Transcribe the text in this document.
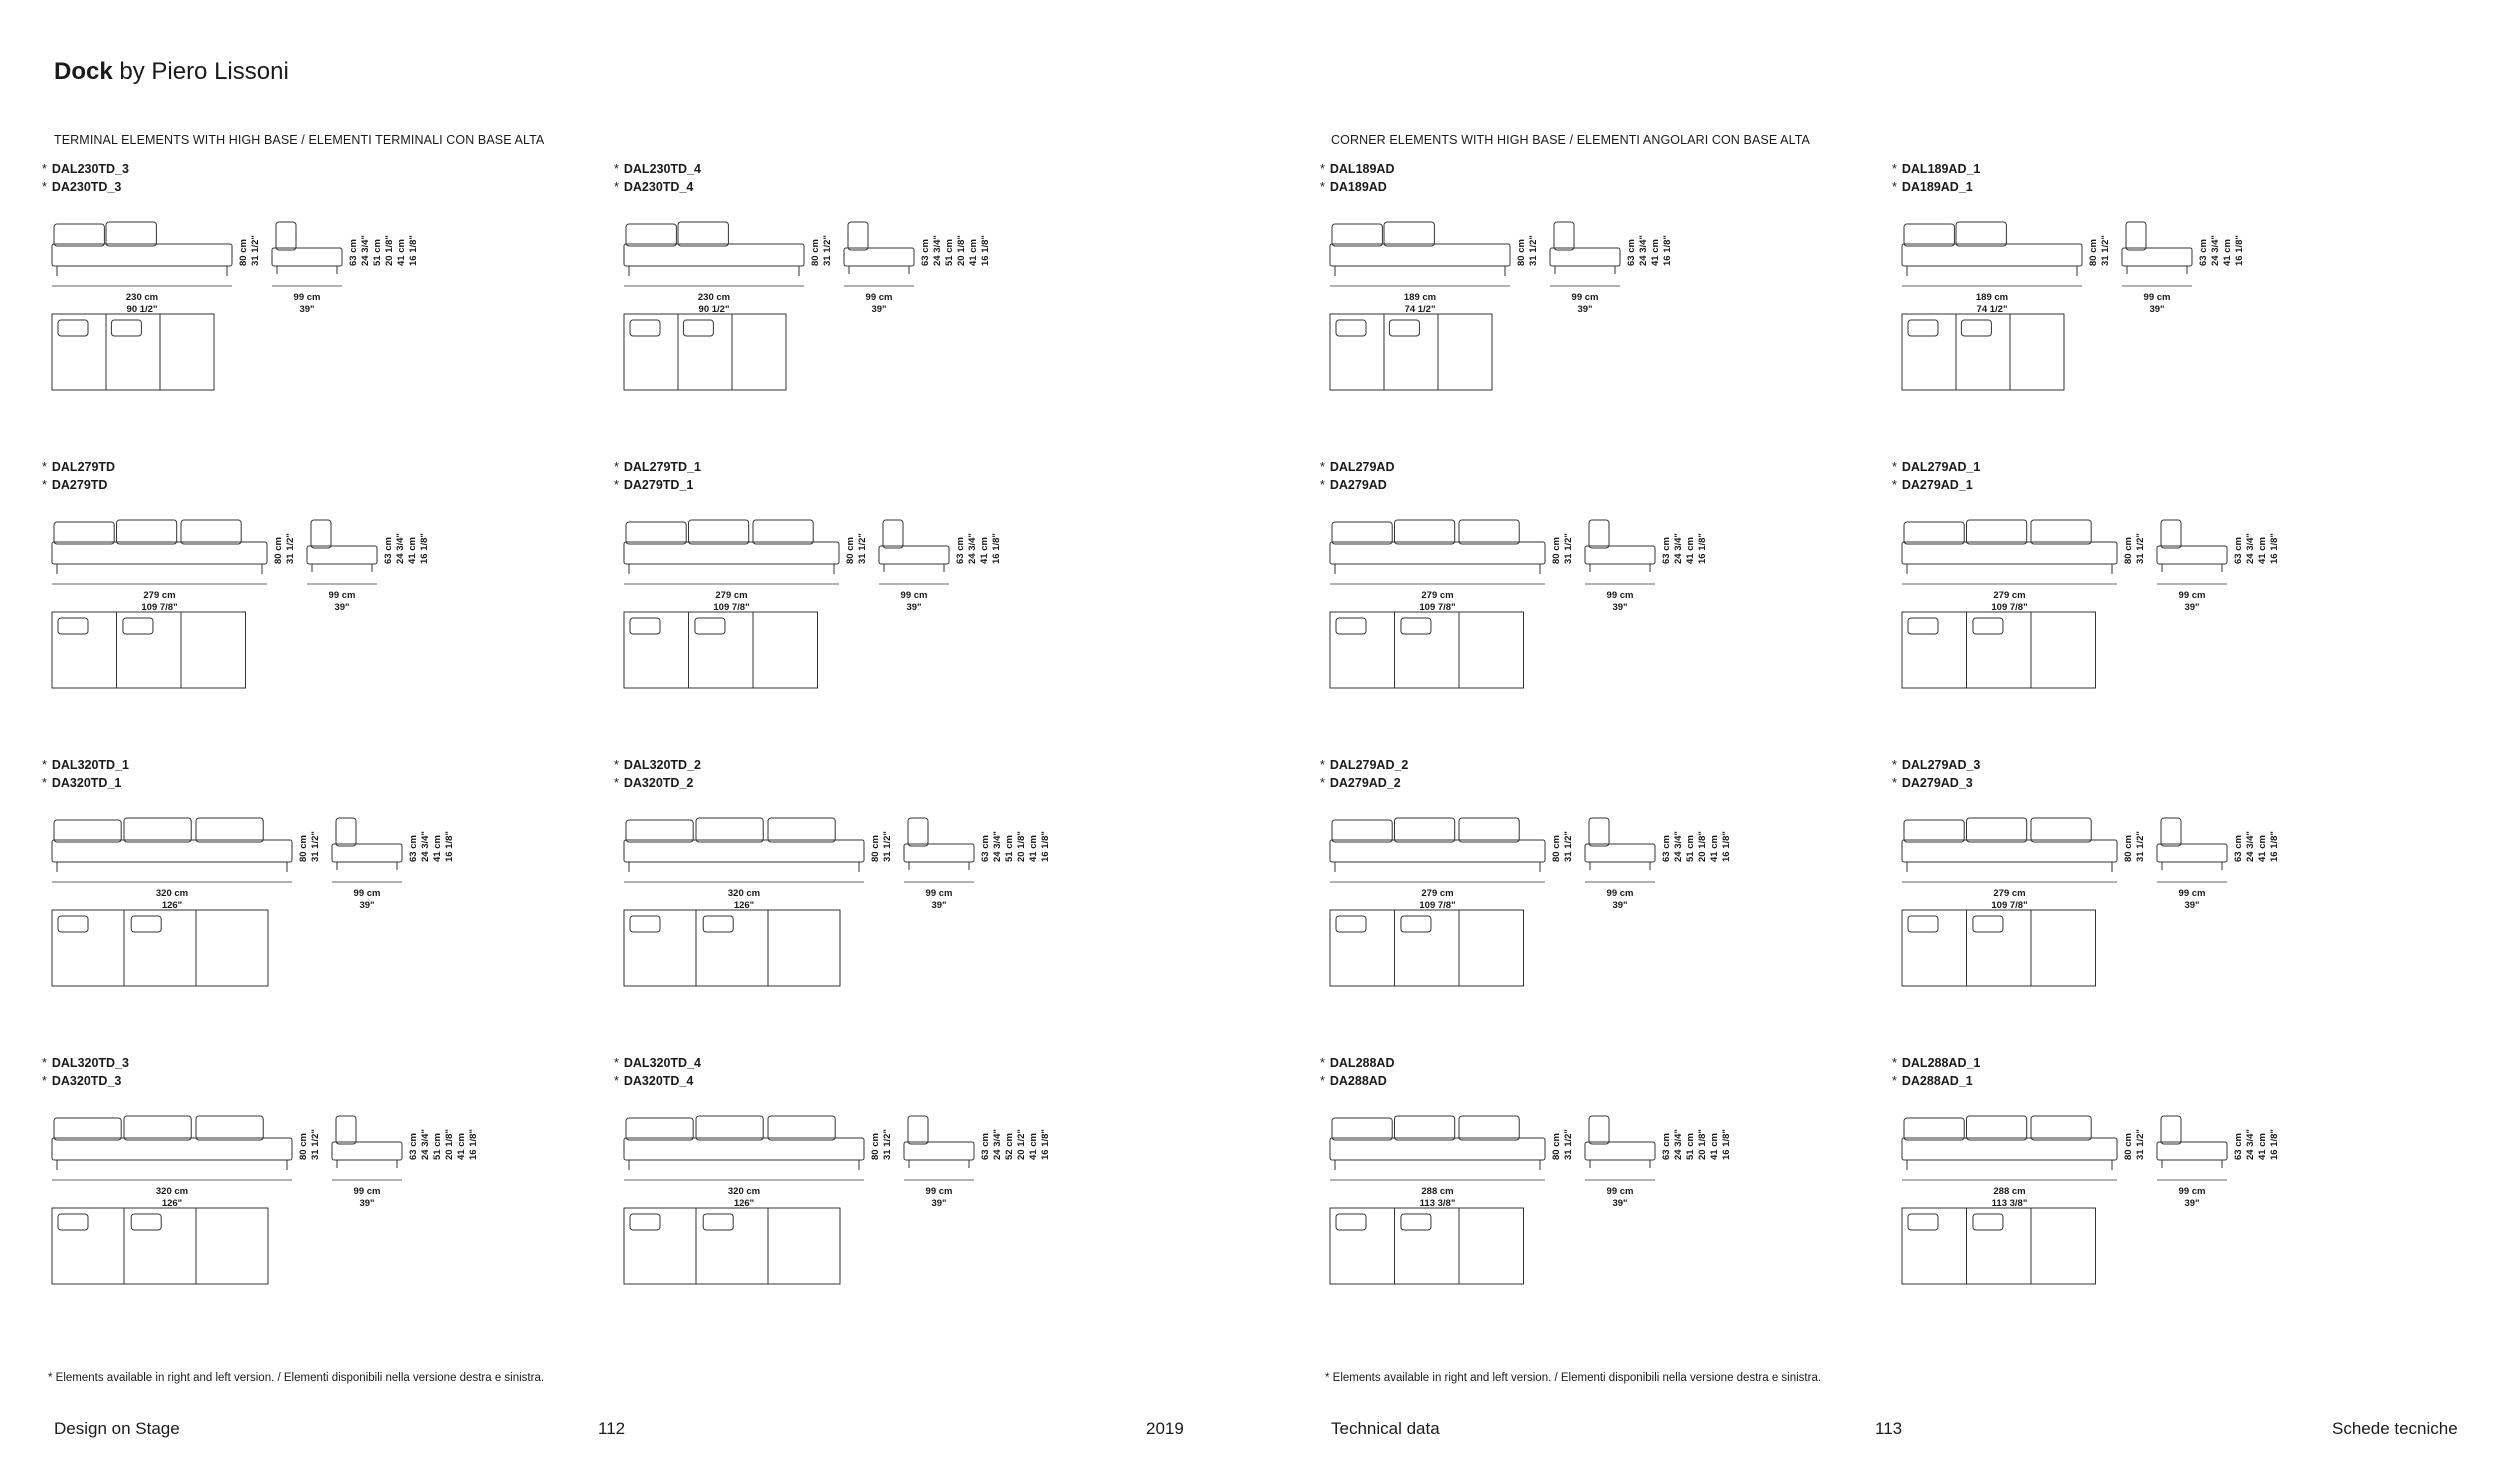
Dock by Piero Lissoni
TERMINAL ELEMENTS WITH HIGH BASE / ELEMENTI TERMINALI CON BASE ALTA	CORNER ELEMENTS WITH HIGH BASE / ELEMENTI ANGOLARI CON BASE ALTA
* DAL230TD_3
* DA230TD_3
230 cm
90 1/2"
99 cm
39"
80 cm 31 1/2"	63 cm 24 3/4" 51 cm 20 1/8" 41 cm 16 1/8"
* DAL189AD
* DA189AD
189 cm
74 1/2"
99 cm
39"
80 cm 31 1/2"	63 cm 24 3/4" 41 cm 16 1/8"
* DAL230TD_4
* DA230TD_4
230 cm
90 1/2"
99 cm
39"
80 cm 31 1/2"	63 cm 24 3/4" 51 cm 20 1/8" 41 cm 16 1/8"
* DAL189AD_1
* DA189AD_1
189 cm
74 1/2"
99 cm
39"
80 cm 31 1/2"	63 cm 24 3/4" 41 cm 16 1/8"
* DAL279TD
* DA279TD
279 cm
109 7/8"
99 cm
39"
80 cm 31 1/2"	63 cm 24 3/4" 41 cm 16 1/8"
* DAL279AD
* DA279AD
279 cm
109 7/8"
99 cm
39"
80 cm 31 1/2"	63 cm 24 3/4" 41 cm 16 1/8"
* DAL279TD_1
* DA279TD_1
279 cm
109 7/8"
99 cm
39"
80 cm 31 1/2"	63 cm 24 3/4" 41 cm 16 1/8"
* DAL279AD_1
* DA279AD_1
279 cm
109 7/8"
99 cm
39"
80 cm 31 1/2"	63 cm 24 3/4" 41 cm 16 1/8"
* DAL320TD_1
* DA320TD_1
320 cm
126"
99 cm
39"
80 cm 31 1/2"	63 cm 24 3/4" 41 cm 16 1/8"
* DAL279AD_2
* DA279AD_2
279 cm
109 7/8"
99 cm
39"
80 cm 31 1/2"	63 cm 24 3/4" 51 cm 20 1/8" 41 cm 16 1/8"
* DAL320TD_2
* DA320TD_2
320 cm
126"
99 cm
39"
80 cm 31 1/2"	63 cm 24 3/4" 51 cm 20 1/8" 41 cm 16 1/8"
* DAL279AD_3
* DA279AD_3
279 cm
109 7/8"
99 cm
39"
80 cm 31 1/2"	63 cm 24 3/4" 41 cm 16 1/8"
* DAL320TD_3
* DA320TD_3
320 cm
126"
99 cm
39"
80 cm 31 1/2"	63 cm 24 3/4" 51 cm 20 1/8" 41 cm 16 1/8"
* DAL288AD
* DA288AD
288 cm
113 3/8"
99 cm
39"
80 cm 31 1/2"	63 cm 24 3/4" 51 cm 20 1/8" 41 cm 16 1/8"
* DAL320TD_4
* DA320TD_4
320 cm
126"
99 cm
39"
80 cm 31 1/2"	63 cm 24 3/4" 52 cm 20 1/2" 41 cm 16 1/8"
* DAL288AD_1
* DA288AD_1
288 cm
113 3/8"
99 cm
39"
80 cm 31 1/2"	63 cm 24 3/4" 41 cm 16 1/8"
* Elements available in right and left version. / Elementi disponibili nella versione destra e sinistra.	* Elements available in right and left version. / Elementi disponibili nella versione destra e sinistra.
Design on Stage	112	2019	Technical data	113	Schede tecniche
